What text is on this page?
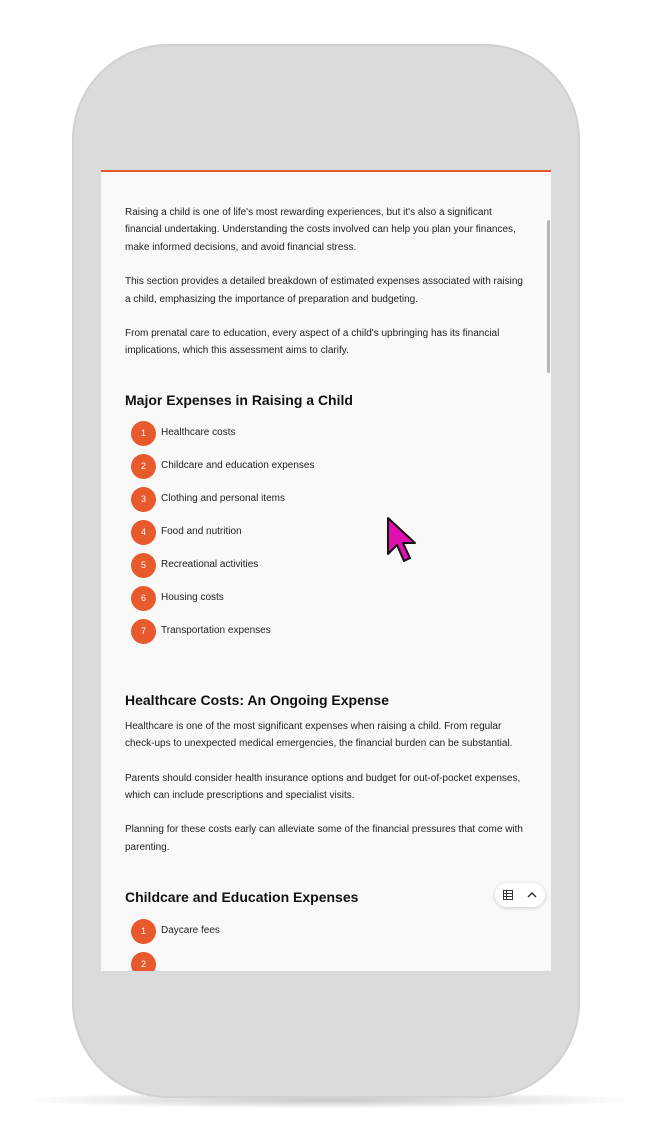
Raising a child is one of life's most rewarding experiences, but it's also a significant financial undertaking. Understanding the costs involved can help you plan your finances, make informed decisions, and avoid financial stress.

This section provides a detailed breakdown of estimated expenses associated with raising a child, emphasizing the importance of preparation and budgeting.

From prenatal care to education, every aspect of a child's upbringing has its financial implications, which this assessment aims to clarify.

Major Expenses in Raising a Child
1	Healthcare costs
2	Childcare and education expenses
3	Clothing and personal items
4	Food and nutrition
5	Recreational activities
6	Housing costs
7	Transportation expenses
Healthcare Costs: An Ongoing Expense

Healthcare is one of the most significant expenses when raising a child. From regular check-ups to unexpected medical emergencies, the financial burden can be substantial.

Parents should consider health insurance options and budget for out-of-pocket expenses, which can include prescriptions and specialist visits.

Planning for these costs early can alleviate some of the financial pressures that come with parenting.

Childcare and Education Expenses
1	Daycare fees
2
